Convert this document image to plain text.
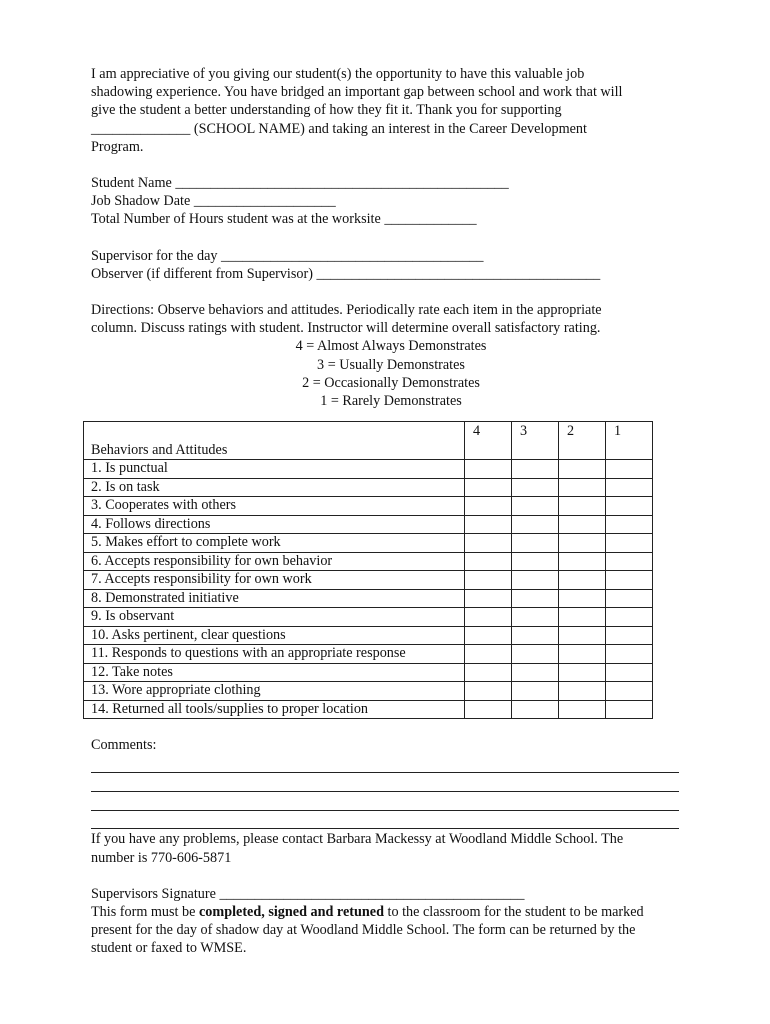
I am appreciative of you giving our student(s) the opportunity to have this valuable job

shadowing experience. You have bridged an important gap between school and work that will

give the student a better understanding of how they fit it. Thank you for supporting

______________ (SCHOOL NAME) and taking an interest in the Career Development

Program.

Student Name _______________________________________________

Job Shadow Date ____________________

Total Number of Hours student was at the worksite _____________

Supervisor for the day _____________________________________

Observer (if different from Supervisor) ________________________________________

Directions: Observe behaviors and attitudes. Periodically rate each item in the appropriate

column. Discuss ratings with student. Instructor will determine overall satisfactory rating.

4 = Almost Always Demonstrates

3 = Usually Demonstrates

2 = Occasionally Demonstrates

1 = Rarely Demonstrates

Behaviors and Attitudes	4	3	2	1
1. Is punctual				
2. Is on task				
3. Cooperates with others				
4. Follows directions				
5. Makes effort to complete work				
6. Accepts responsibility for own behavior				
7. Accepts responsibility for own work				
8. Demonstrated initiative				
9. Is observant				
10. Asks pertinent, clear questions				
11. Responds to questions with an appropriate response				
12. Take notes				
13. Wore appropriate clothing				
14. Returned all tools/supplies to proper location				

Comments:

If you have any problems, please contact Barbara Mackessy at Woodland Middle School. The

number is 770-606-5871

Supervisors Signature ___________________________________________

This form must be completed, signed and retuned to the classroom for the student to be marked

present for the day of shadow day at Woodland Middle School. The form can be returned by the

student or faxed to WMSE.
